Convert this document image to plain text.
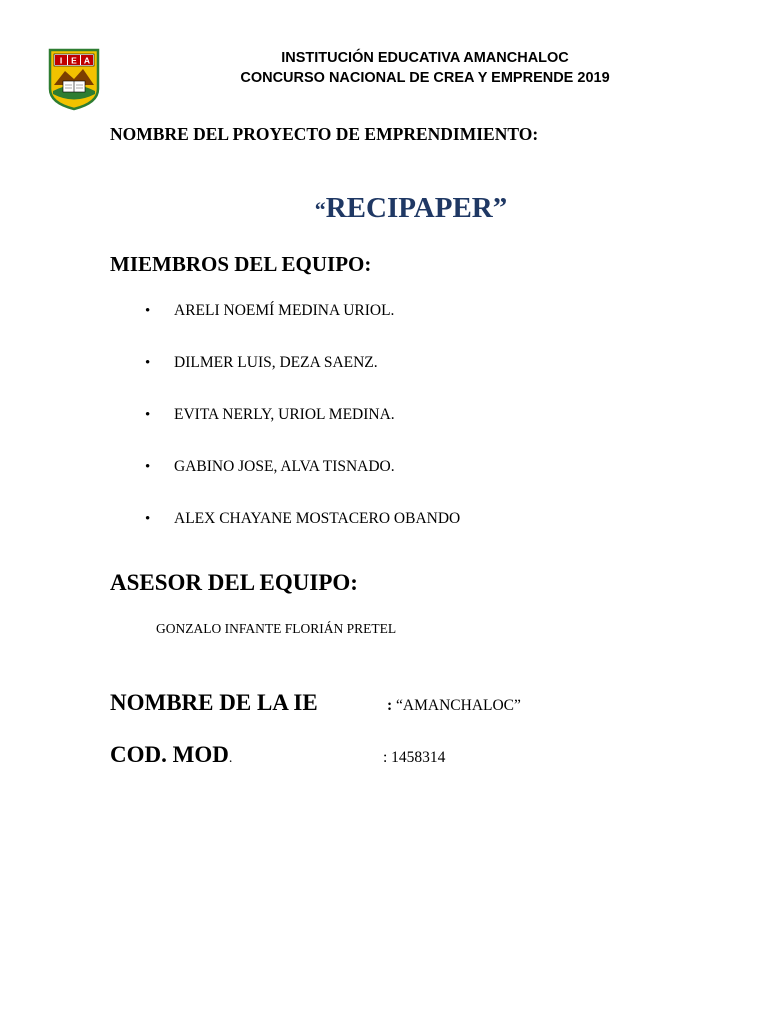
I E A	INSTITUCIÓN EDUCATIVA AMANCHALOC
CONCURSO NACIONAL DE CREA Y EMPRENDE 2019
NOMBRE DEL PROYECTO DE EMPRENDIMIENTO:
“RECIPAPER”
MIEMBROS DEL EQUIPO:
• ARELI NOEMÍ MEDINA URIOL.
• DILMER LUIS, DEZA SAENZ.
• EVITA NERLY, URIOL MEDINA.
• GABINO JOSE, ALVA TISNADO.
• ALEX CHAYANE MOSTACERO OBANDO
ASESOR DEL EQUIPO:
GONZALO INFANTE FLORIÁN PRETEL
NOMBRE DE LA IE	: “AMANCHALOC”
COD. MOD.	: 1458314
